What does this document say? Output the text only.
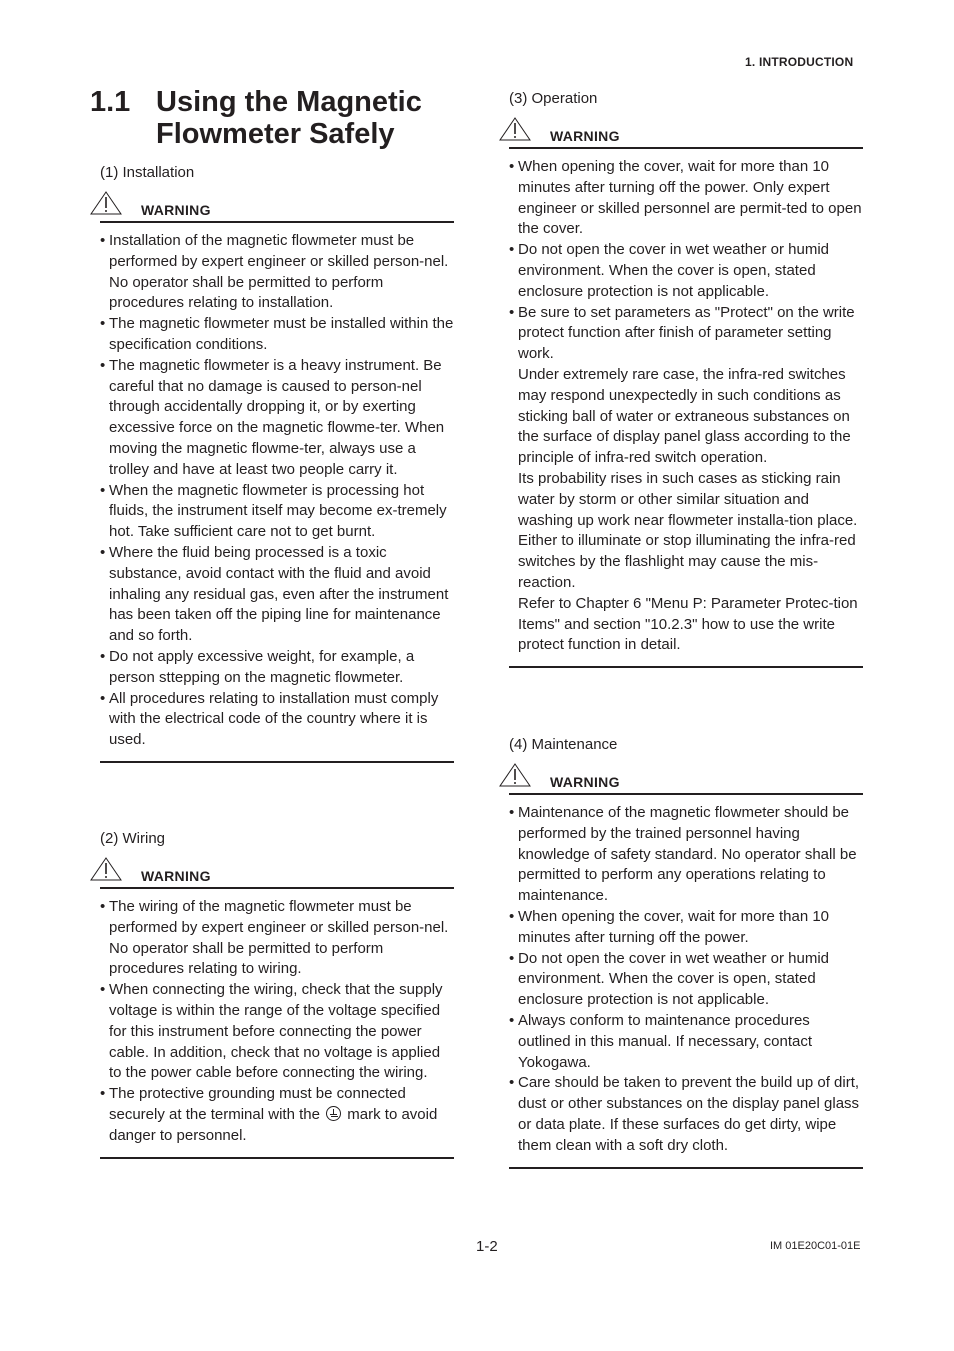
1. INTRODUCTION
1.1 Using the Magnetic
Flowmeter Safely
(1) Installation
WARNING
• Installation of the magnetic flowmeter must be performed by expert engineer or skilled person-nel. No operator shall be permitted to perform procedures relating to installation.
• The magnetic flowmeter must be installed within the specification conditions.
• The magnetic flowmeter is a heavy instrument. Be careful that no damage is caused to person-nel through accidentally dropping it, or by exerting excessive force on the magnetic flowme-ter. When moving the magnetic flowme-ter, always use a trolley and have at least two people carry it.
• When the magnetic flowmeter is processing hot fluids, the instrument itself may become ex-tremely hot. Take sufficient care not to get burnt.
• Where the fluid being processed is a toxic substance, avoid contact with the fluid and avoid inhaling any residual gas, even after the instrument has been taken off the piping line for maintenance and so forth.
• Do not apply excessive weight, for example, a person sttepping on the magnetic flowmeter.
• All procedures relating to installation must comply with the electrical code of the country where it is used.
(2) Wiring
WARNING
• The wiring of the magnetic flowmeter must be performed by expert engineer or skilled person-nel. No operator shall be permitted to perform procedures relating to wiring.
• When connecting the wiring, check that the supply voltage is within the range of the voltage specified for this instrument before connecting the power cable. In addition, check that no voltage is applied to the power cable before connecting the wiring.
• The protective grounding must be connected securely at the terminal with the mark to avoid danger to personnel.
(3) Operation
WARNING
• When opening the cover, wait for more than 10 minutes after turning off the power. Only expert engineer or skilled personnel are permit-ted to open the cover.
• Do not open the cover in wet weather or humid environment. When the cover is open, stated enclosure protection is not applicable.
• Be sure to set parameters as "Protect" on the write protect function after finish of parameter setting work.
Under extremely rare case, the infra-red switches may respond unexpectedly in such conditions as sticking ball of water or extraneous substances on the surface of display panel glass according to the principle of infra-red switch operation.
Its probability rises in such cases as sticking rain water by storm or other similar situation and washing up work near flowmeter installa-tion place.
Either to illuminate or stop illuminating the infra-red switches by the flashlight may cause the mis-reaction.
Refer to Chapter 6 "Menu P: Parameter Protec-tion Items" and section "10.2.3" how to use the write protect function in detail.
(4) Maintenance
WARNING
• Maintenance of the magnetic flowmeter should be performed by the trained personnel having knowledge of safety standard. No operator shall be permitted to perform any operations relating to maintenance.
• When opening the cover, wait for more than 10 minutes after turning off the power.
• Do not open the cover in wet weather or humid environment. When the cover is open, stated enclosure protection is not applicable.
• Always conform to maintenance procedures outlined in this manual. If necessary, contact Yokogawa.
• Care should be taken to prevent the build up of dirt, dust or other substances on the display panel glass or data plate. If these surfaces do get dirty, wipe them clean with a soft dry cloth.
1-2	IM 01E20C01-01E
